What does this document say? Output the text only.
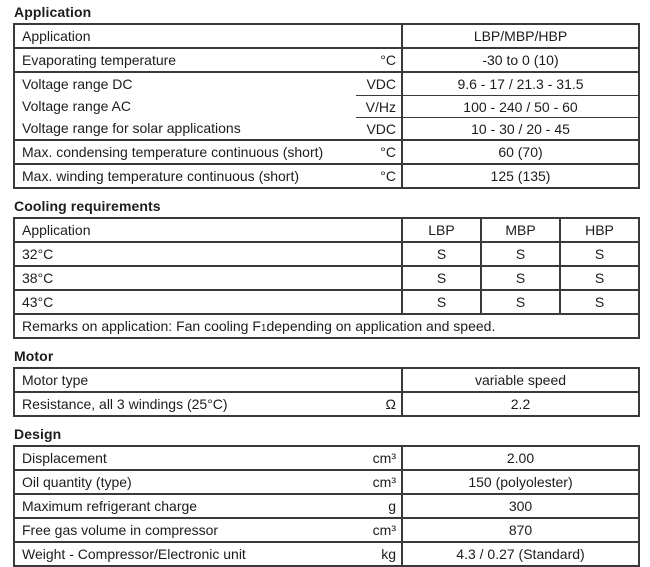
Application
Application	LBP/MBP/HBP
Evaporating temperature	°C	-30 to 0 (10)
Voltage range DC	VDC	9.6 - 17 / 21.3 - 31.5
Voltage range AC	V/Hz	100 - 240 / 50 - 60
Voltage range for solar applications	VDC	10 - 30 / 20 - 45
Max. condensing temperature continuous (short)	°C	60 (70)
Max. winding temperature continuous (short)	°C	125 (135)
Cooling requirements
Application	LBP	MBP	HBP
32°C	S	S	S
38°C	S	S	S
43°C	S	S	S
Remarks on application: Fan cooling $F_1$ depending on application and speed.
Motor
Motor type	variable speed
Resistance, all 3 windings (25°C)	Ω	2.2
Design
Displacement	cm³	2.00
Oil quantity (type)	cm³	150 (polyolester)
Maximum refrigerant charge	g	300
Free gas volume in compressor	cm³	870
Weight - Compressor/Electronic unit	kg	4.3 / 0.27 (Standard)
